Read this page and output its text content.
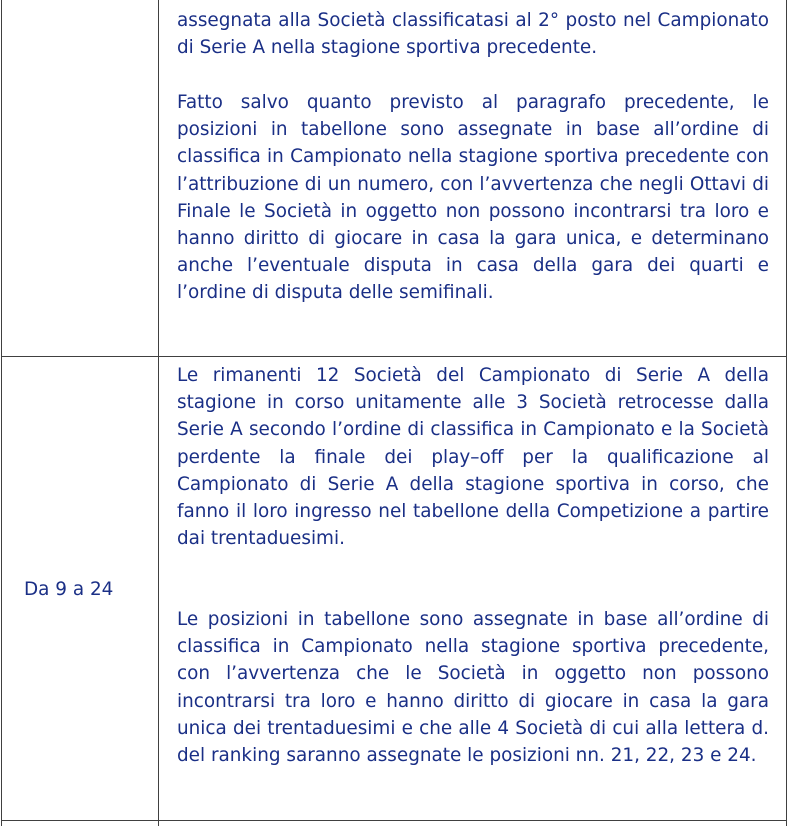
assegnata alla Società classificatasi al 2° posto nel Campionato di Serie A nella stagione sportiva precedente.

Fatto salvo quanto previsto al paragrafo precedente, le posizioni in tabellone sono assegnate in base all’ordine di classifica in Campionato nella stagione sportiva precedente con l’attribuzione di un numero, con l’avvertenza che negli Ottavi di Finale le Società in oggetto non possono incontrarsi tra loro e hanno diritto di giocare in casa la gara unica, e determinano anche l’eventuale disputa in casa della gara dei quarti e l’ordine di disputa delle semifinali.

Da 9 a 24

Le rimanenti 12 Società del Campionato di Serie A della stagione in corso unitamente alle 3 Società retrocesse dalla Serie A secondo l’ordine di classifica in Campionato e la Società perdente la finale dei play–off per la qualificazione al Campionato di Serie A della stagione sportiva in corso, che fanno il loro ingresso nel tabellone della Competizione a partire dai trentaduesimi.

Le posizioni in tabellone sono assegnate in base all’ordine di classifica in Campionato nella stagione sportiva precedente, con l’avvertenza che le Società in oggetto non possono incontrarsi tra loro e hanno diritto di giocare in casa la gara unica dei trentaduesimi e che alle 4 Società di cui alla lettera d. del ranking saranno assegnate le posizioni nn. 21, 22, 23 e 24.
